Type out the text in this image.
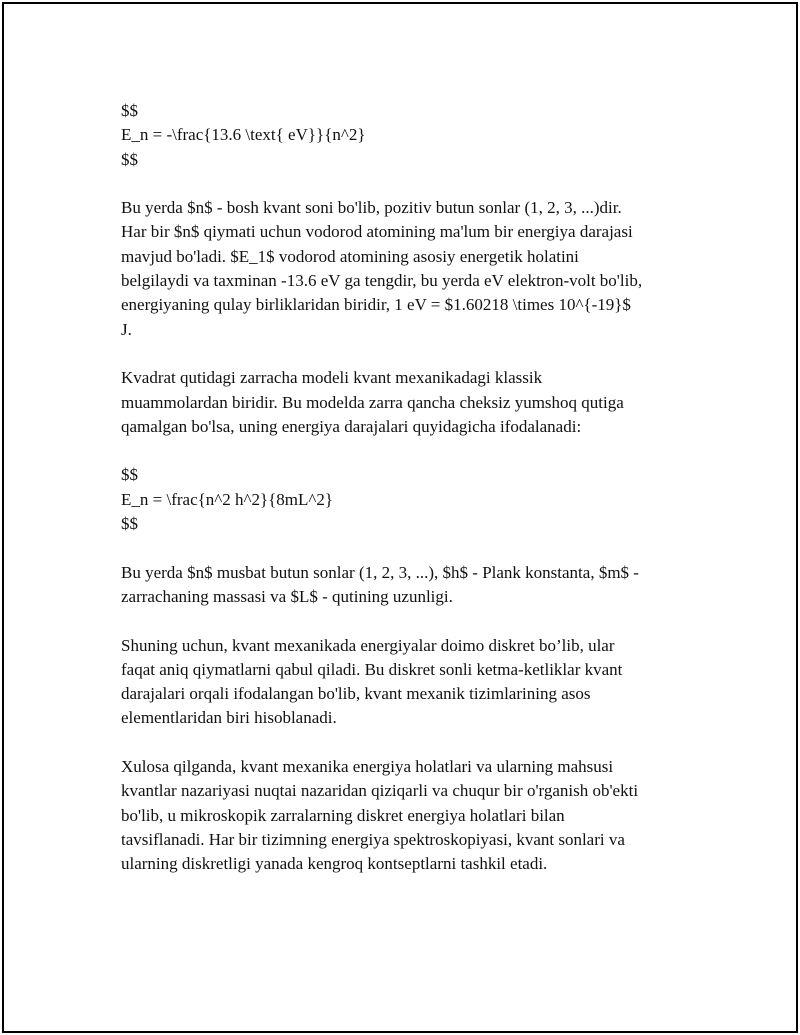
$$
E_n = -\frac{13.6 \text{ eV}}{n^2}
$$

Bu yerda $n$ - bosh kvant soni bo'lib, pozitiv butun sonlar (1, 2, 3, ...)dir.
Har bir $n$ qiymati uchun vodorod atomining ma'lum bir energiya darajasi
mavjud bo'ladi. $E_1$ vodorod atomining asosiy energetik holatini
belgilaydi va taxminan -13.6 eV ga tengdir, bu yerda eV elektron-volt bo'lib,
energiyaning qulay birliklaridan biridir, 1 eV = $1.60218 \times 10^{-19}$
J.

Kvadrat qutidagi zarracha modeli kvant mexanikadagi klassik
muammolardan biridir. Bu modelda zarra qancha cheksiz yumshoq qutiga
qamalgan bo'lsa, uning energiya darajalari quyidagicha ifodalanadi:

$$
E_n = \frac{n^2 h^2}{8mL^2}
$$

Bu yerda $n$ musbat butun sonlar (1, 2, 3, ...), $h$ - Plank konstanta, $m$ -
zarrachaning massasi va $L$ - qutining uzunligi.

Shuning uchun, kvant mexanikada energiyalar doimo diskret bo’lib, ular
faqat aniq qiymatlarni qabul qiladi. Bu diskret sonli ketma-ketliklar kvant
darajalari orqali ifodalangan bo'lib, kvant mexanik tizimlarining asos
elementlaridan biri hisoblanadi.

Xulosa qilganda, kvant mexanika energiya holatlari va ularning mahsusi
kvantlar nazariyasi nuqtai nazaridan qiziqarli va chuqur bir o'rganish ob'ekti
bo'lib, u mikroskopik zarralarning diskret energiya holatlari bilan
tavsiflanadi. Har bir tizimning energiya spektroskopiyasi, kvant sonlari va
ularning diskretligi yanada kengroq kontseptlarni tashkil etadi.
